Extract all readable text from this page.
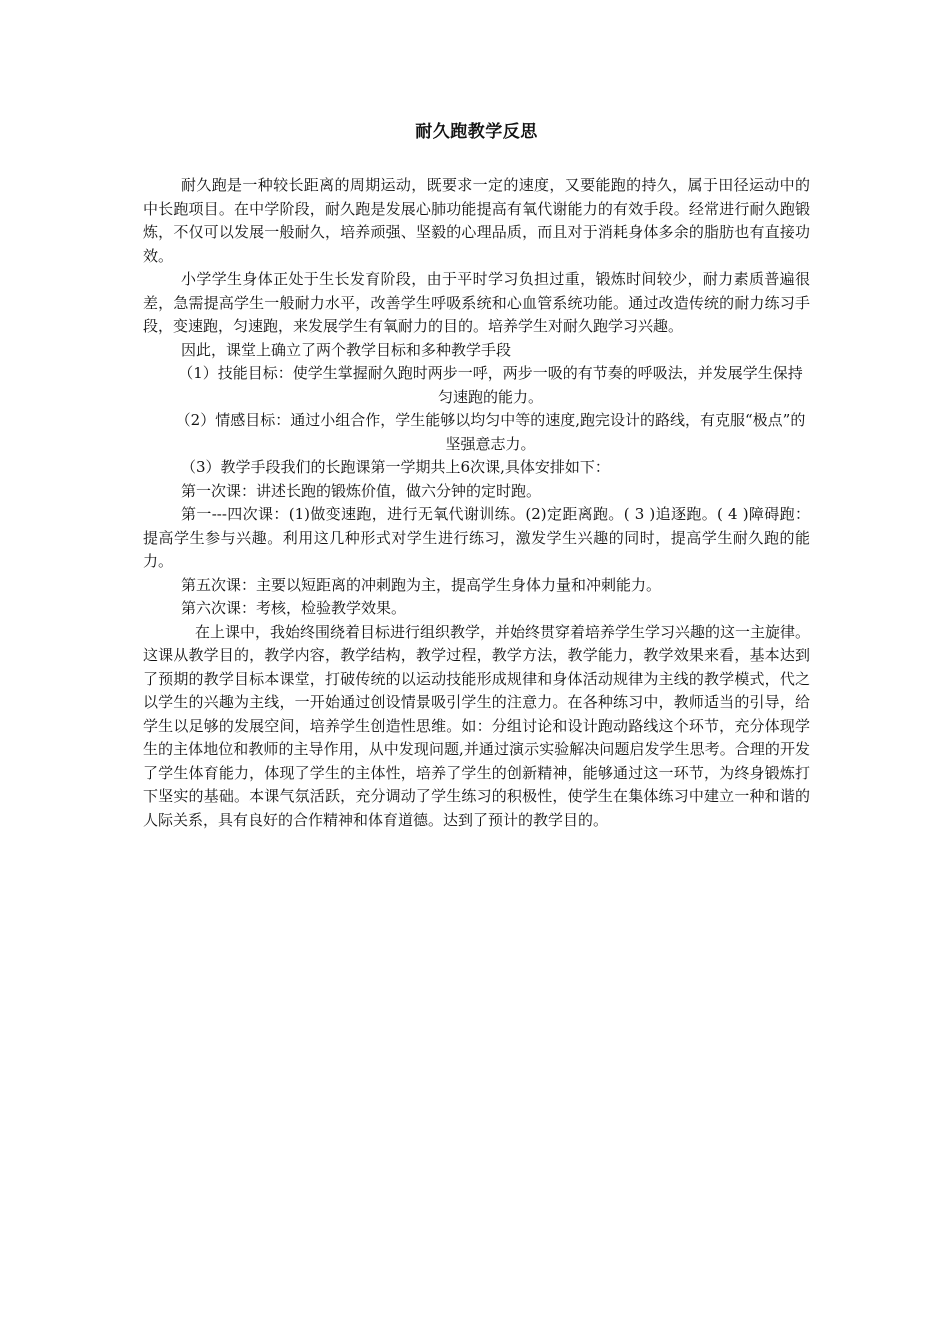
耐久跑教学反思

耐久跑是一种较长距离的周期运动，既要求一定的速度，又要能跑的持久，属于田径运动中的中长跑项目。在中学阶段，耐久跑是发展心肺功能提高有氧代谢能力的有效手段。经常进行耐久跑锻炼，不仅可以发展一般耐久，培养顽强、坚毅的心理品质，而且对于消耗身体多余的脂肪也有直接功效。

小学学生身体正处于生长发育阶段，由于平时学习负担过重，锻炼时间较少，耐力素质普遍很差，急需提高学生一般耐力水平，改善学生呼吸系统和心血管系统功能。通过改造传统的耐力练习手段，变速跑，匀速跑，来发展学生有氧耐力的目的。培养学生对耐久跑学习兴趣。

因此，课堂上确立了两个教学目标和多种教学手段

（1）技能目标：使学生掌握耐久跑时两步一呼，两步一吸的有节奏的呼吸法，并发展学生保持匀速跑的能力。

（2）情感目标：通过小组合作，学生能够以均匀中等的速度,跑完设计的路线，有克服“极点”的坚强意志力。

（3）教学手段我们的长跑课第一学期共上6次课,具体安排如下：

第一次课：讲述长跑的锻炼价值，做六分钟的定时跑。

第一---四次课：(1)做变速跑，进行无氧代谢训练。(2)定距离跑。( 3 )追逐跑。( 4 )障碍跑：提高学生参与兴趣。利用这几种形式对学生进行练习，激发学生兴趣的同时，提高学生耐久跑的能力。

第五次课：主要以短距离的冲刺跑为主，提高学生身体力量和冲刺能力。

第六次课：考核，检验教学效果。

在上课中，我始终围绕着目标进行组织教学，并始终贯穿着培养学生学习兴趣的这一主旋律。这课从教学目的，教学内容，教学结构，教学过程，教学方法，教学能力，教学效果来看，基本达到了预期的教学目标本课堂，打破传统的以运动技能形成规律和身体活动规律为主线的教学模式，代之以学生的兴趣为主线，一开始通过创设情景吸引学生的注意力。在各种练习中，教师适当的引导，给学生以足够的发展空间，培养学生创造性思维。如：分组讨论和设计跑动路线这个环节，充分体现学生的主体地位和教师的主导作用，从中发现问题,并通过演示实验解决问题启发学生思考。合理的开发了学生体育能力，体现了学生的主体性，培养了学生的创新精神，能够通过这一环节，为终身锻炼打下坚实的基础。本课气氛活跃，充分调动了学生练习的积极性，使学生在集体练习中建立一种和谐的人际关系，具有良好的合作精神和体育道德。达到了预计的教学目的。
